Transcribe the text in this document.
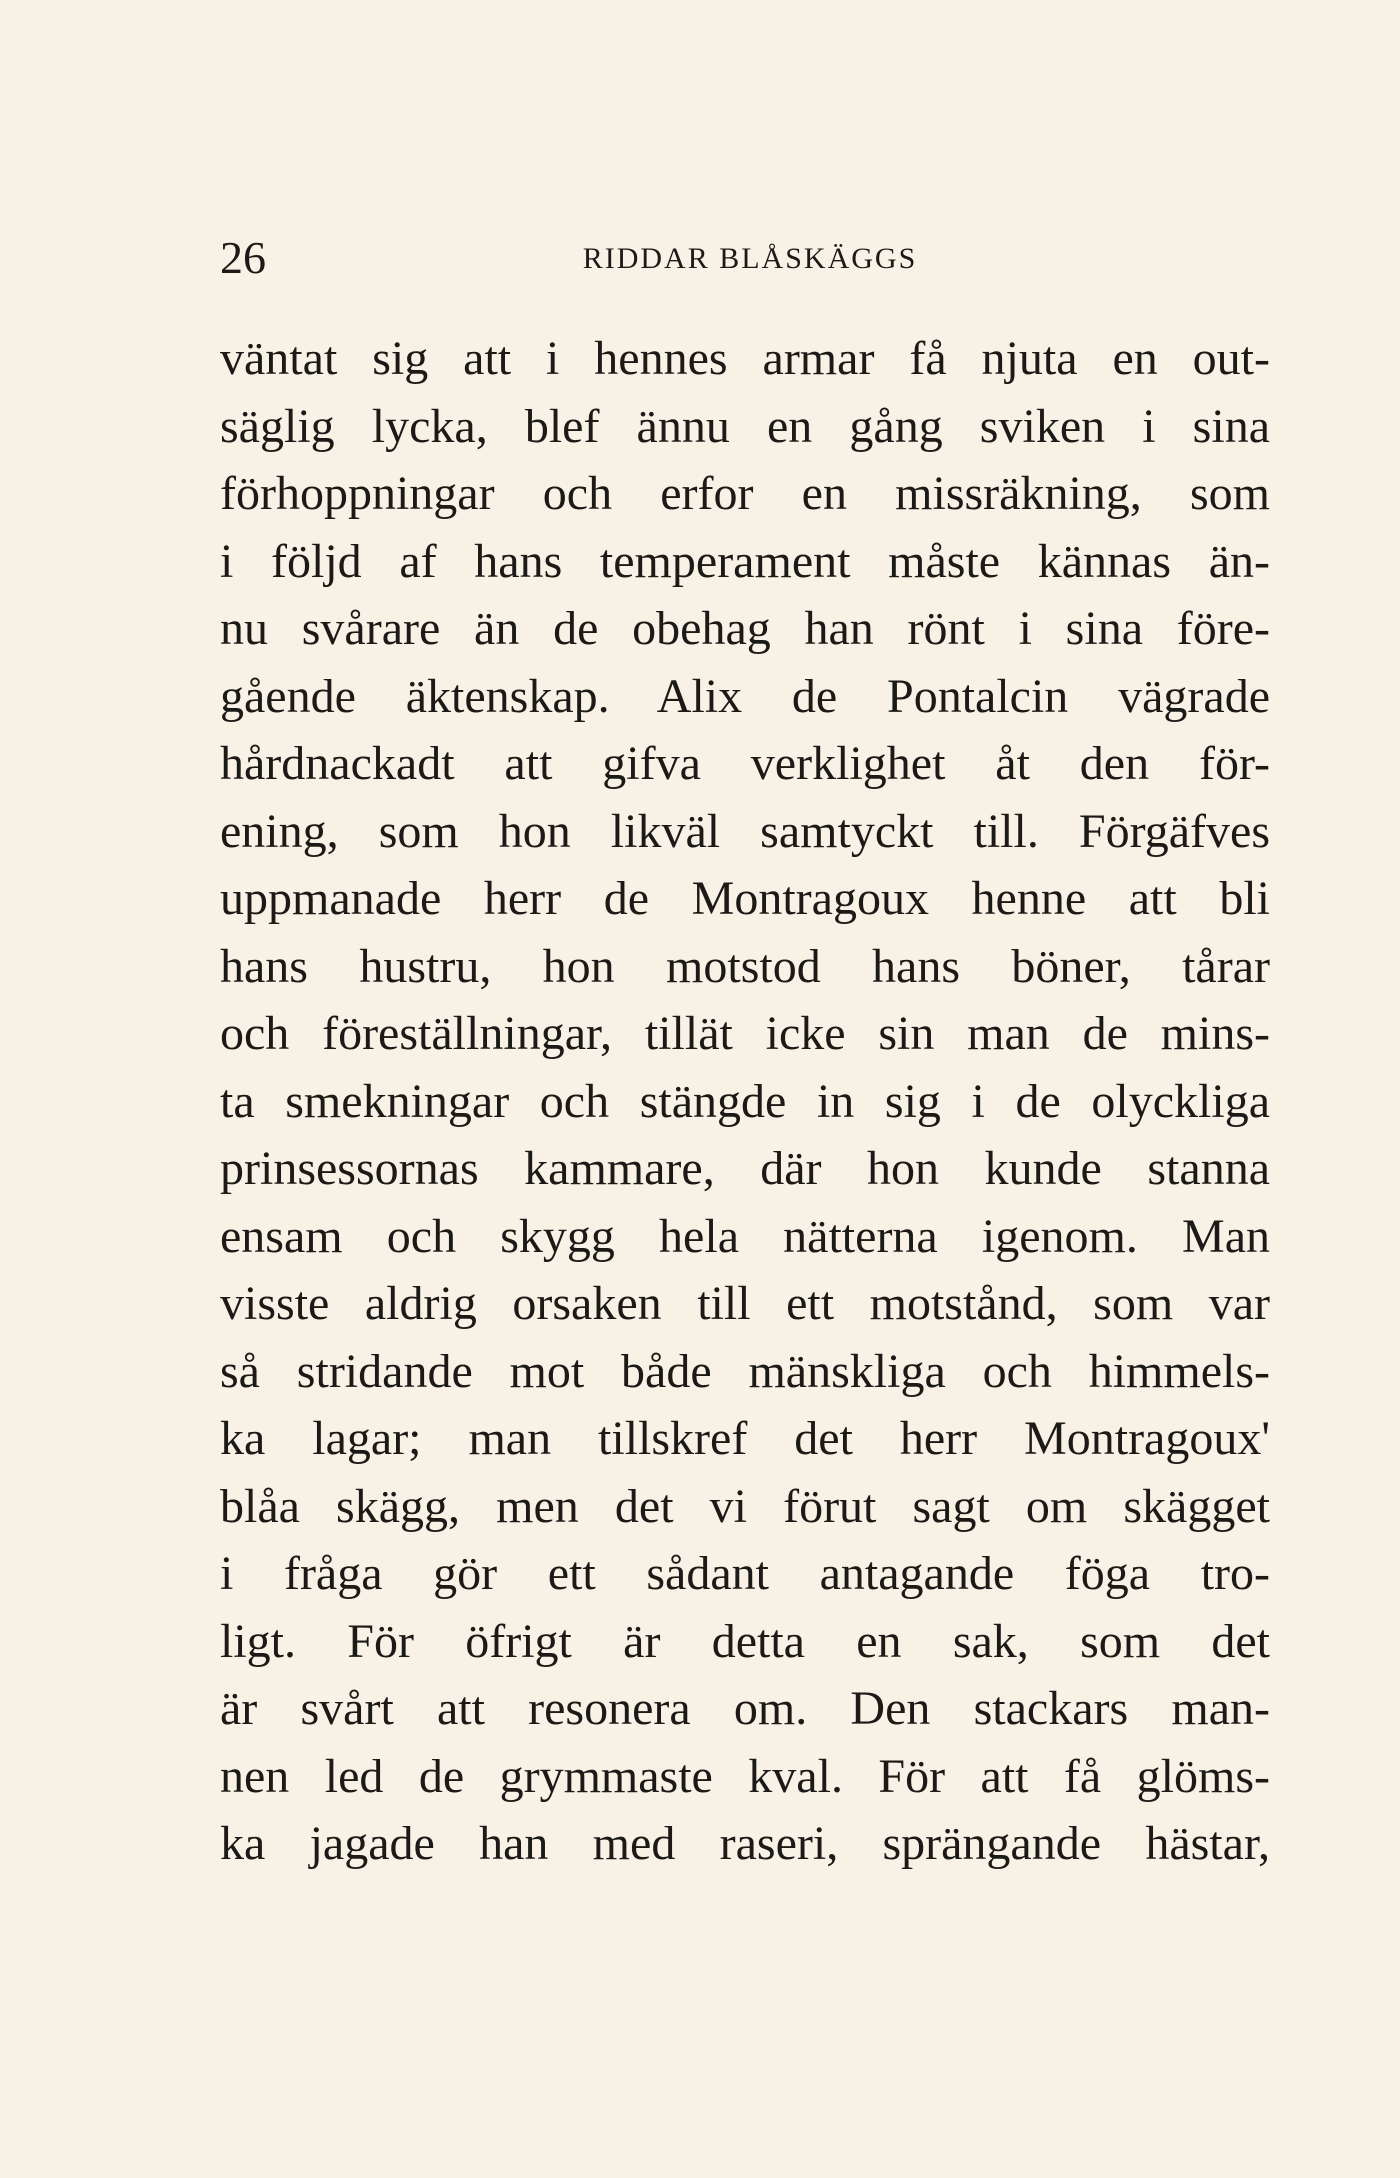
26	RIDDAR BLÅSKÄGGS
väntat sig att i hennes armar få njuta en out-
säglig lycka, blef ännu en gång sviken i sina
förhoppningar och erfor en missräkning, som
i följd af hans temperament måste kännas än-
nu svårare än de obehag han rönt i sina före-
gående äktenskap. Alix de Pontalcin vägrade
hårdnackadt att gifva verklighet åt den för-
ening, som hon likväl samtyckt till. Förgäfves
uppmanade herr de Montragoux henne att bli
hans hustru, hon motstod hans böner, tårar
och föreställningar, tillät icke sin man de mins-
ta smekningar och stängde in sig i de olyckliga
prinsessornas kammare, där hon kunde stanna
ensam och skygg hela nätterna igenom. Man
visste aldrig orsaken till ett motstånd, som var
så stridande mot både mänskliga och himmels-
ka lagar; man tillskref det herr Montragoux'
blåa skägg, men det vi förut sagt om skägget
i fråga gör ett sådant antagande föga tro-
ligt. För öfrigt är detta en sak, som det
är svårt att resonera om. Den stackars man-
nen led de grymmaste kval. För att få glöms-
ka jagade han med raseri, sprängande hästar,
